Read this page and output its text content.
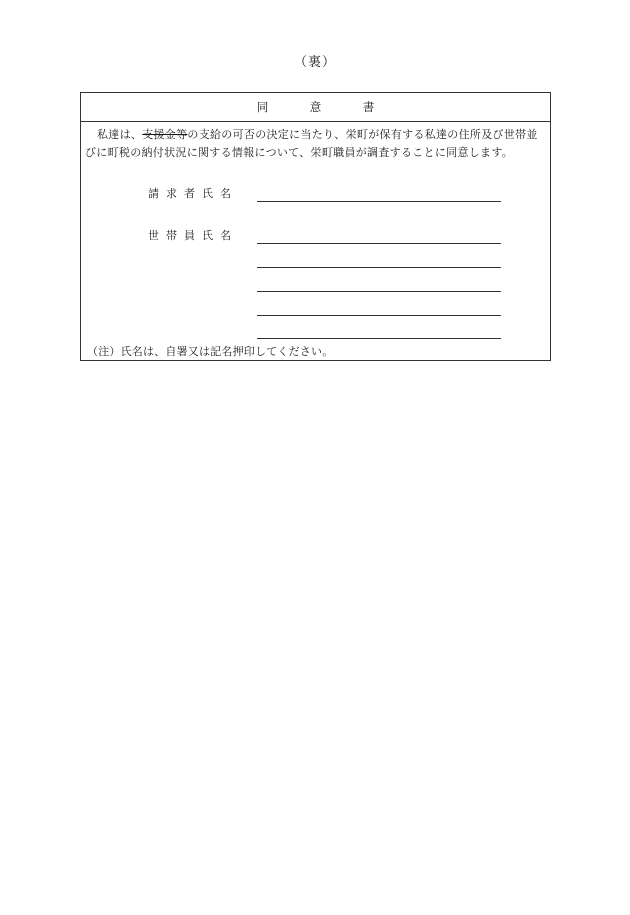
（裏）
同　意　書

私達は、支援金等の支給の可否の決定に当たり、栄町が保有する私達の住所及び世帯並びに町税の納付状況に関する情報について、栄町職員が調査することに同意します。

請求者氏名
世帯員氏名
（注）氏名は、自署又は記名押印してください。
